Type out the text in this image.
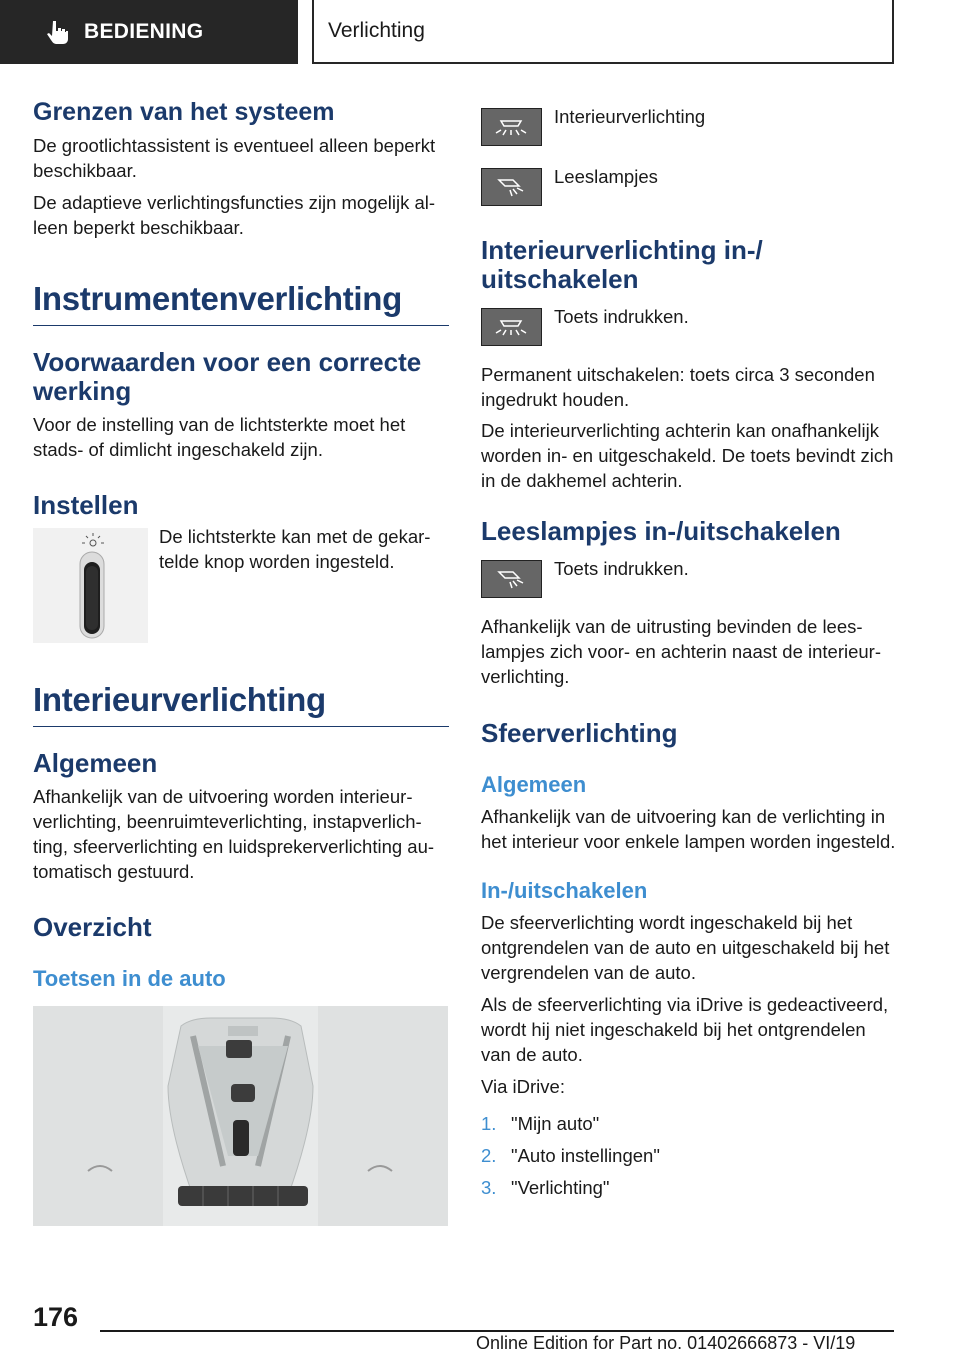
BEDIENING	Verlichting
Grenzen van het systeem

De grootlichtassistent is eventueel alleen beperkt beschikbaar.

De adaptieve verlichtingsfuncties zijn mogelijk alleen beperkt beschikbaar.

Instrumentenverlichting
Voorwaarden voor een correcte werking

Voor de instelling van de lichtsterkte moet het stads- of dimlicht ingeschakeld zijn.

Instellen

De lichtsterkte kan met de gekartelde knop worden ingesteld.

Interieurverlichting
Algemeen

Afhankelijk van de uitvoering worden interieurverlichting, beenruimteverlichting, instapverlichting, sfeerverlichting en luidsprekerverlichting automatisch gestuurd.

Overzicht
Toetsen in de auto

Interieurverlichting

Leeslampjes

Interieurverlichting in-/ uitschakelen

Toets indrukken.

Permanent uitschakelen: toets circa 3 seconden ingedrukt houden.

De interieurverlichting achterin kan onafhankelijk worden in- en uitgeschakeld. De toets bevindt zich in de dakhemel achterin.

Leeslampjes in-/uitschakelen

Toets indrukken.

Afhankelijk van de uitrusting bevinden de leeslampjes zich voor- en achterin naast de interieurverlichting.

Sfeerverlichting
Algemeen

Afhankelijk van de uitvoering kan de verlichting in het interieur voor enkele lampen worden ingesteld.

In-/uitschakelen

De sfeerverlichting wordt ingeschakeld bij het ontgrendelen van de auto en uitgeschakeld bij het vergrendelen van de auto.

Als de sfeerverlichting via iDrive is gedeactiveerd, wordt hij niet ingeschakeld bij het ontgrendelen van de auto.

Via iDrive:

1. "Mijn auto"
2. "Auto instellingen"
3. "Verlichting"
176
Online Edition for Part no. 01402666873 - VI/19
